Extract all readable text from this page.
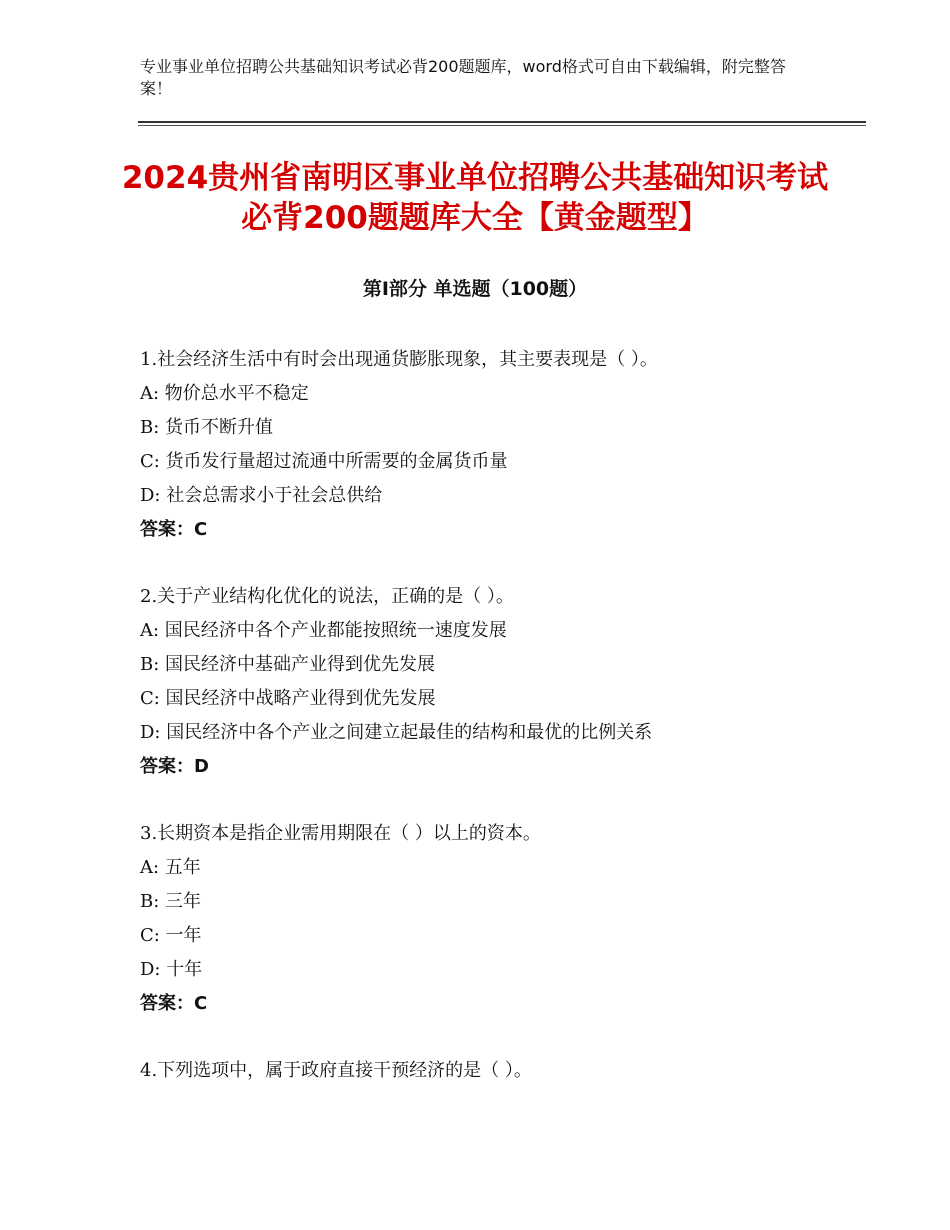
专业事业单位招聘公共基础知识考试必背200题题库，word格式可自由下载编辑，附完整答案！
2024贵州省南明区事业单位招聘公共基础知识考试必背200题题库大全【黄金题型】
第Ⅰ部分 单选题（100题）
1.社会经济生活中有时会出现通货膨胀现象，其主要表现是（ ）。
A: 物价总水平不稳定
B: 货币不断升值
C: 货币发行量超过流通中所需要的金属货币量
D: 社会总需求小于社会总供给
答案：C
2.关于产业结构化优化的说法，正确的是（ ）。
A: 国民经济中各个产业都能按照统一速度发展
B: 国民经济中基础产业得到优先发展
C: 国民经济中战略产业得到优先发展
D: 国民经济中各个产业之间建立起最佳的结构和最优的比例关系
答案：D
3.长期资本是指企业需用期限在（ ）以上的资本。
A: 五年
B: 三年
C: 一年
D: 十年
答案：C
4.下列选项中，属于政府直接干预经济的是（ ）。
